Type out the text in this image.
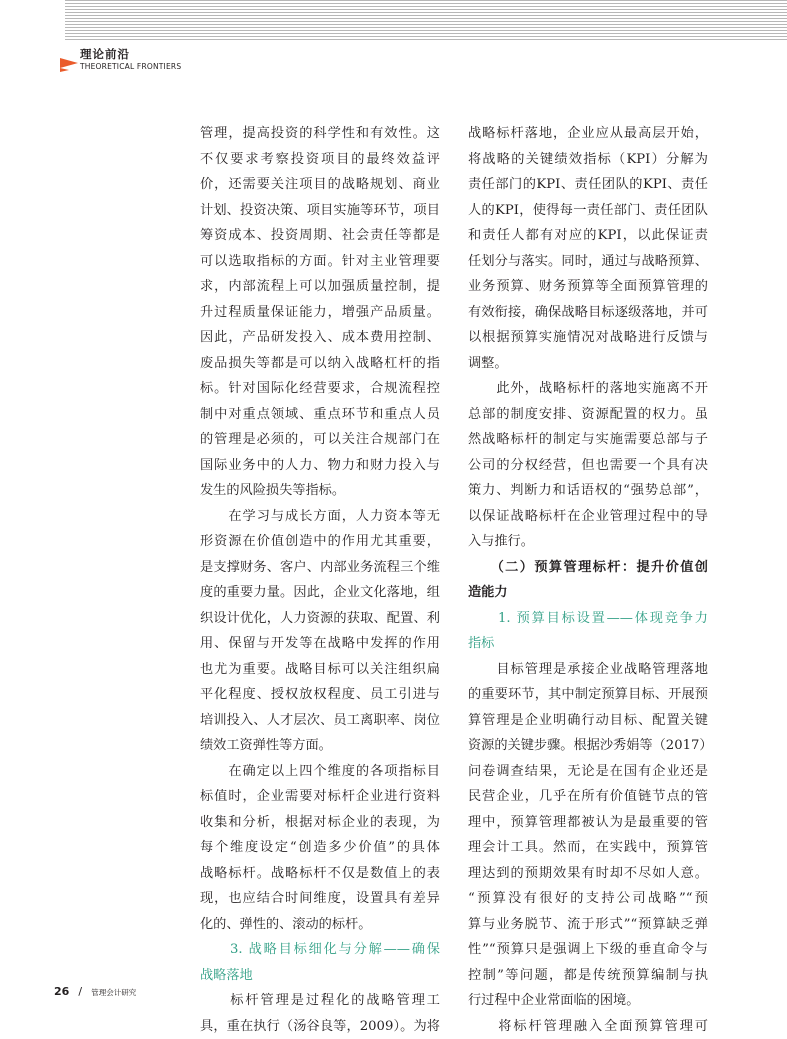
理论前沿
THEORETICAL FRONTIERS
管理，提高投资的科学性和有效性。这
不仅要求考察投资项目的最终效益评
价，还需要关注项目的战略规划、商业
计划、投资决策、项目实施等环节，项目
筹资成本、投资周期、社会责任等都是
可以选取指标的方面。针对主业管理要
求，内部流程上可以加强质量控制，提
升过程质量保证能力，增强产品质量。
因此，产品研发投入、成本费用控制、
废品损失等都是可以纳入战略杠杆的指
标。针对国际化经营要求，合规流程控
制中对重点领域、重点环节和重点人员
的管理是必须的，可以关注合规部门在
国际业务中的人力、物力和财力投入与
发生的风险损失等指标。
　　在学习与成长方面，人力资本等无
形资源在价值创造中的作用尤其重要，
是支撑财务、客户、内部业务流程三个维
度的重要力量。因此，企业文化落地，组
织设计优化，人力资源的获取、配置、利
用、保留与开发等在战略中发挥的作用
也尤为重要。战略目标可以关注组织扁
平化程度、授权放权程度、员工引进与
培训投入、人才层次、员工离职率、岗位
绩效工资弹性等方面。
　　在确定以上四个维度的各项指标目
标值时，企业需要对标杆企业进行资料
收集和分析，根据对标企业的表现，为
每个维度设定“创造多少价值”的具体
战略标杆。战略标杆不仅是数值上的表
现，也应结合时间维度，设置具有差异
化的、弹性的、滚动的标杆。
　　3. 战略目标细化与分解——确保
战略落地
　　标杆管理是过程化的战略管理工
具，重在执行（汤谷良等，2009）。为将
战略标杆落地，企业应从最高层开始，
将战略的关键绩效指标（KPI）分解为
责任部门的KPI、责任团队的KPI、责任
人的KPI，使得每一责任部门、责任团队
和责任人都有对应的KPI，以此保证责
任划分与落实。同时，通过与战略预算、
业务预算、财务预算等全面预算管理的
有效衔接，确保战略目标逐级落地，并可
以根据预算实施情况对战略进行反馈与
调整。
　　此外，战略标杆的落地实施离不开
总部的制度安排、资源配置的权力。虽
然战略标杆的制定与实施需要总部与子
公司的分权经营，但也需要一个具有决
策力、判断力和话语权的“强势总部”，
以保证战略标杆在企业管理过程中的导
入与推行。
　　（二）预算管理标杆：提升价值创
造能力
　　1. 预算目标设置——体现竞争力
指标
　　目标管理是承接企业战略管理落地
的重要环节，其中制定预算目标、开展预
算管理是企业明确行动目标、配置关键
资源的关键步骤。根据沙秀娟等（2017）
问卷调查结果，无论是在国有企业还是
民营企业，几乎在所有价值链节点的管
理中，预算管理都被认为是最重要的管
理会计工具。然而，在实践中，预算管
理达到的预期效果有时却不尽如人意。
“预算没有很好的支持公司战略”“预
算与业务脱节、流于形式”“预算缺乏弹
性”“预算只是强调上下级的垂直命令与
控制”等问题，都是传统预算编制与执
行过程中企业常面临的困境。
　　将标杆管理融入全面预算管理可
26 / 管理会计研究
